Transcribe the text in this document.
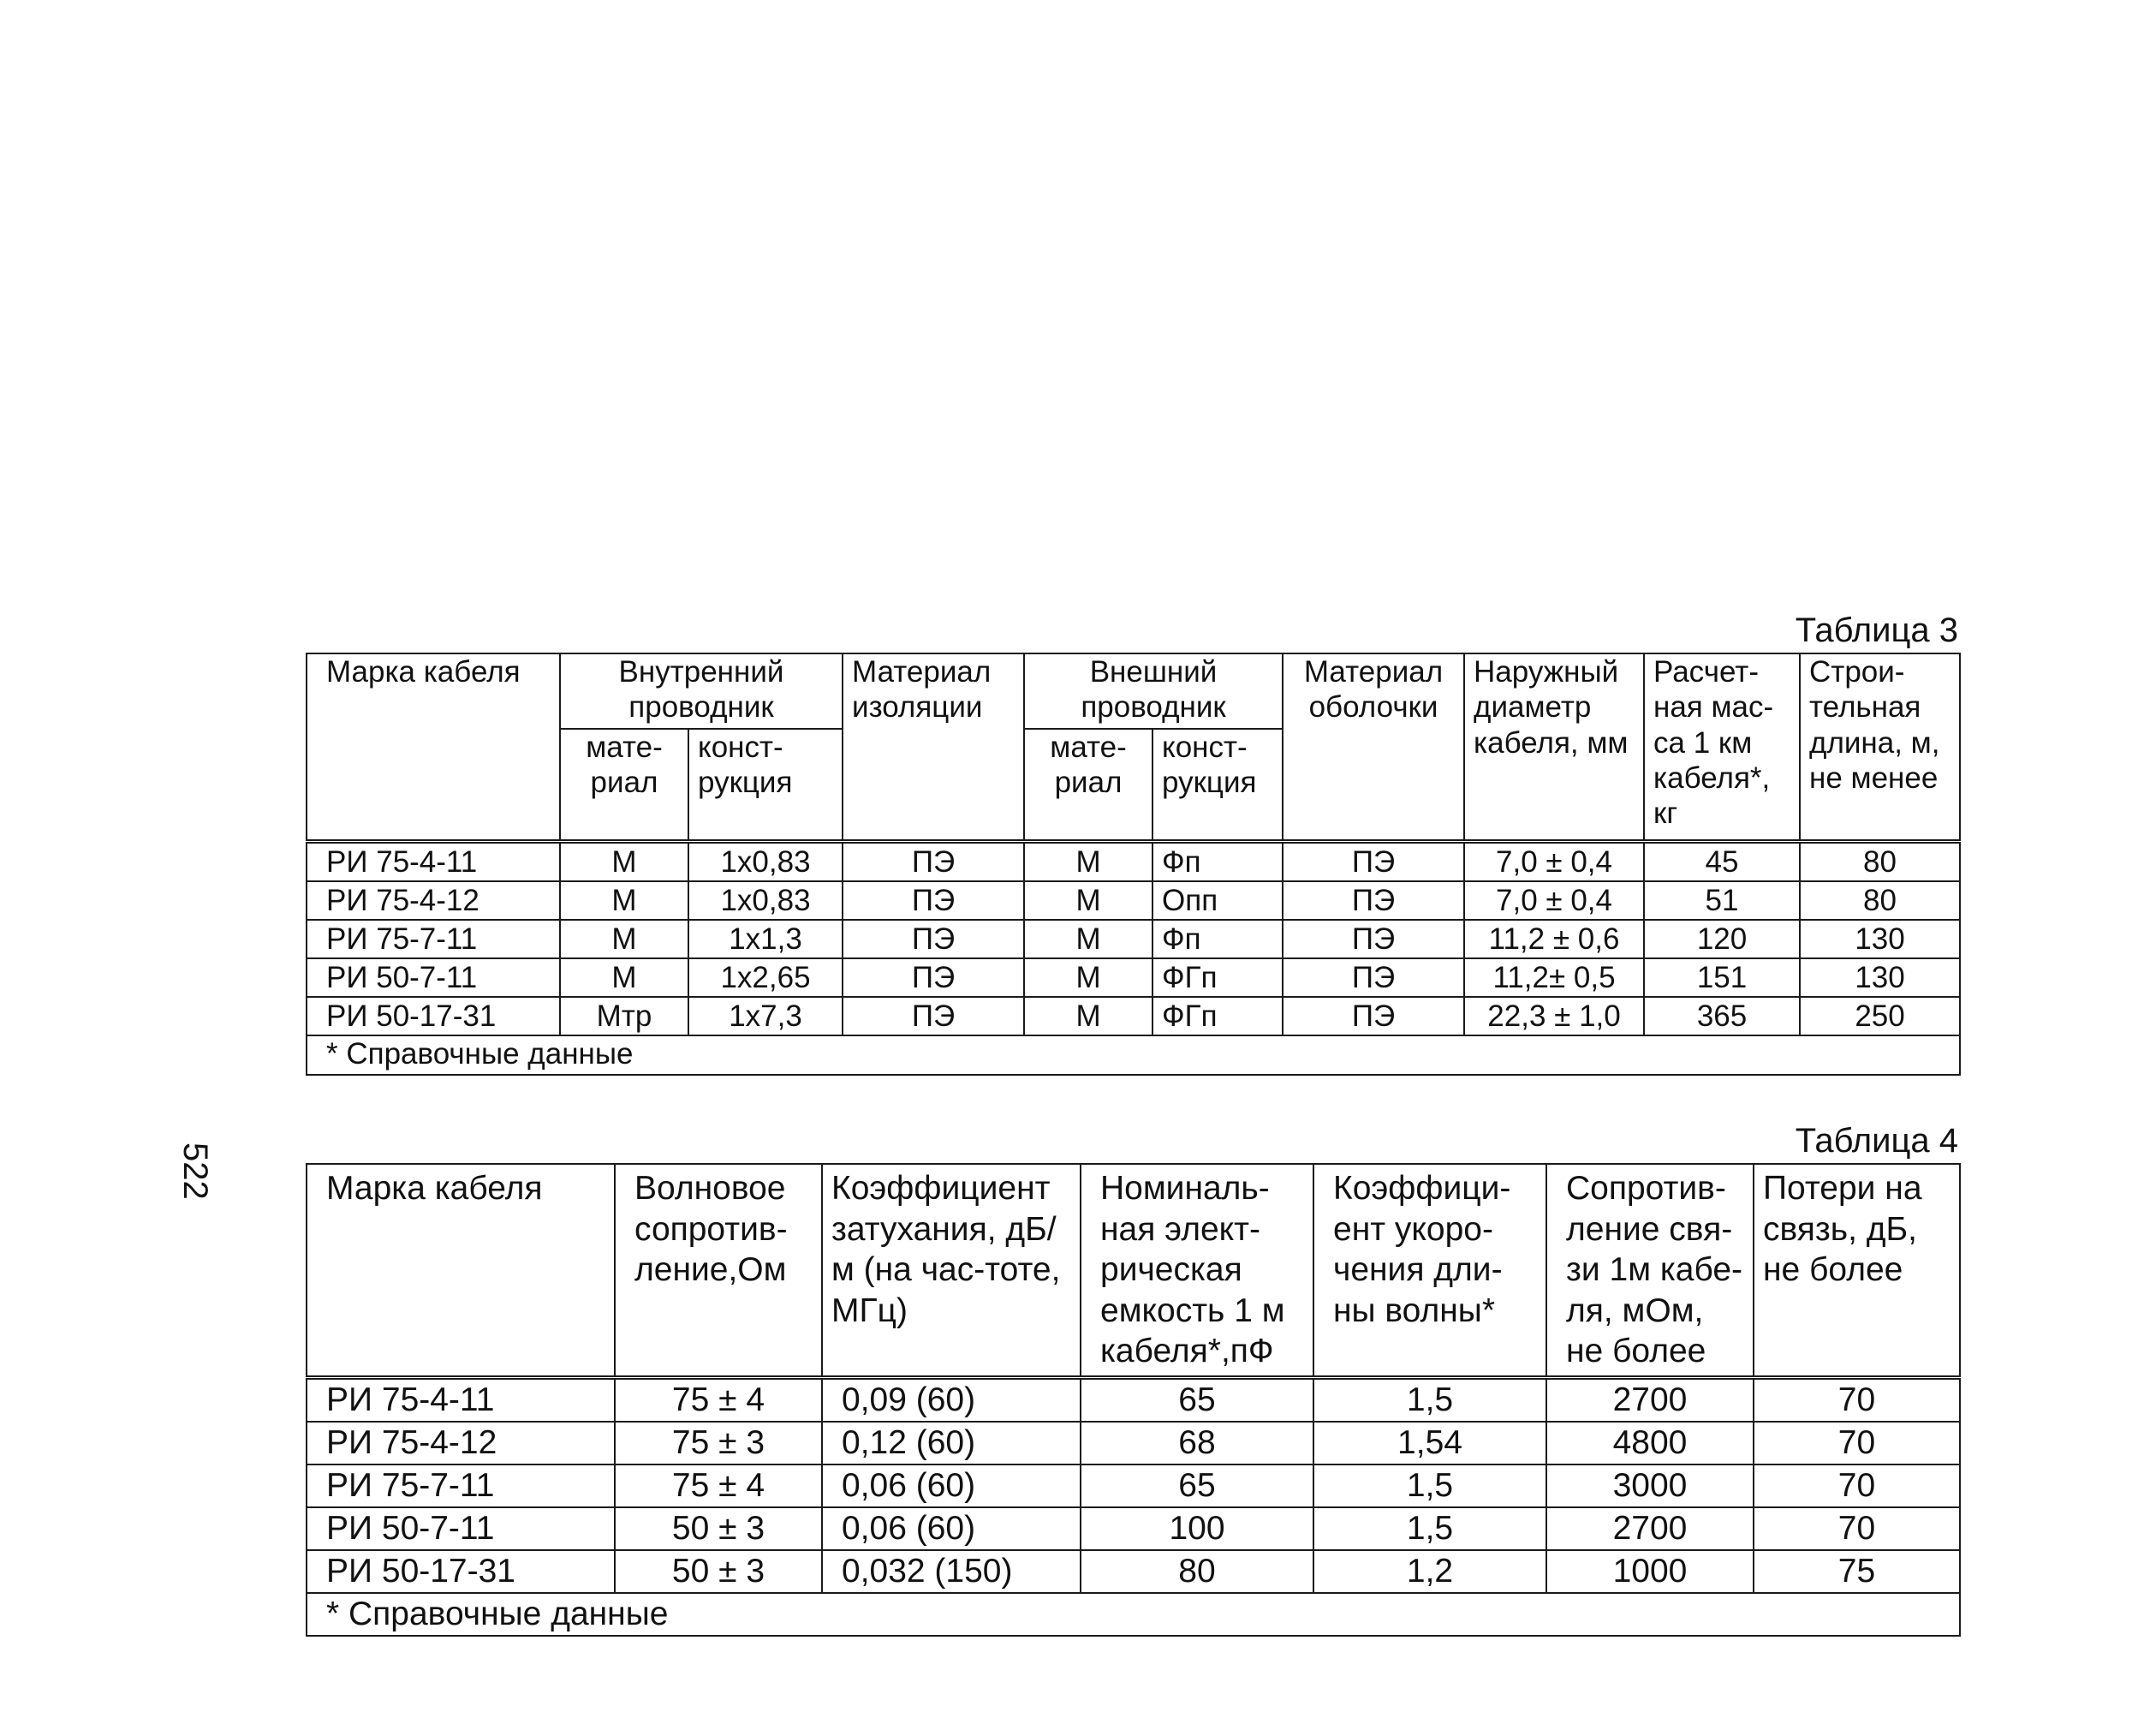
522
Таблица 3
Марка кабеля	Внутренний проводник		Материал изоляции	Внешний проводник		Материал оболочки	Наружный диаметр кабеля, мм	Расчет-ная мас-са 1 км кабеля*, кг	Строи-тельная длина, м, не менее
	мате-риал	конст-рукция		мате-риал	конст-рукция				
РИ 75-4-11	М	1х0,83	ПЭ	М	Фп	ПЭ	7,0 ± 0,4	45	80
РИ 75-4-12	М	1х0,83	ПЭ	М	Опп	ПЭ	7,0 ± 0,4	51	80
РИ 75-7-11	М	1х1,3	ПЭ	М	Фп	ПЭ	11,2 ± 0,6	120	130
РИ 50-7-11	М	1х2,65	ПЭ	М	ФГп	ПЭ	11,2± 0,5	151	130
РИ 50-17-31	Мтр	1х7,3	ПЭ	М	ФГп	ПЭ	22,3 ± 1,0	365	250
* Справочные данные									
Таблица 4
Марка кабеля	Волновое сопротив-ление,Ом	Коэффициент затухания, дБ/м (на час-тоте, МГц)	Номиналь-ная элект-рическая емкость 1 м кабеля*,пФ	Коэффици-ент укоро-чения дли-ны волны*	Сопротив-ление свя-зи 1м кабе-ля, мОм, не более	Потери на связь, дБ, не более
РИ 75-4-11	75 ± 4	0,09 (60)	65	1,5	2700	70
РИ 75-4-12	75 ± 3	0,12 (60)	68	1,54	4800	70
РИ 75-7-11	75 ± 4	0,06 (60)	65	1,5	3000	70
РИ 50-7-11	50 ± 3	0,06 (60)	100	1,5	2700	70
РИ 50-17-31	50 ± 3	0,032 (150)	80	1,2	1000	75
* Справочные данные						
